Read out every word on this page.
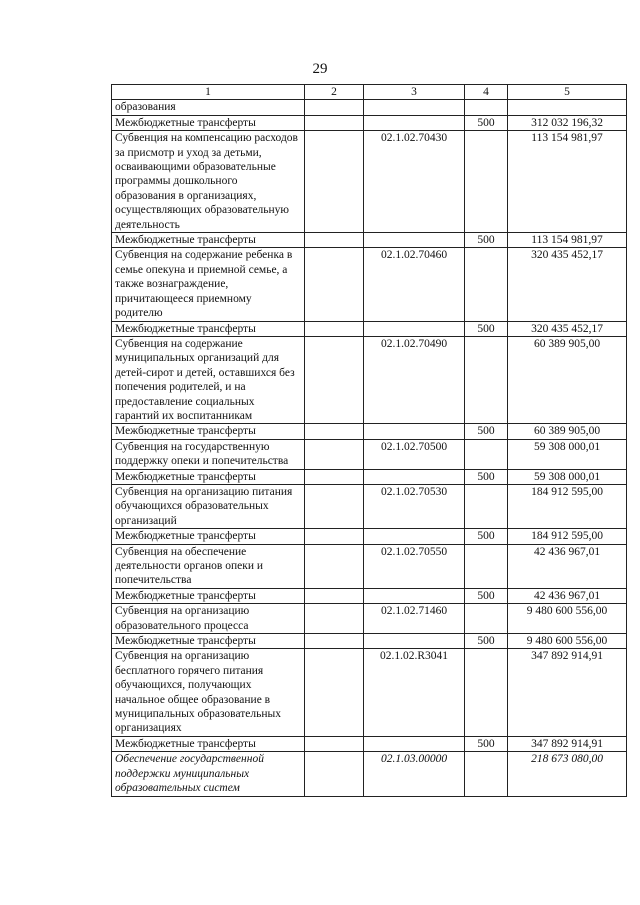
29
1	2	3	4	5
образования				
Межбюджетные трансферты			500	312 032 196,32
Субвенция на компенсацию расходов за присмотр и уход за детьми, осваивающими образовательные программы дошкольного образования в организациях, осуществляющих образовательную деятельность		02.1.02.70430		113 154 981,97
Межбюджетные трансферты			500	113 154 981,97
Субвенция на содержание ребенка в семье опекуна и приемной семье, а также вознаграждение, причитающееся приемному родителю		02.1.02.70460		320 435 452,17
Межбюджетные трансферты			500	320 435 452,17
Субвенция на содержание муниципальных организаций для детей-сирот и детей, оставшихся без попечения родителей, и на предоставление социальных гарантий их воспитанникам		02.1.02.70490		60 389 905,00
Межбюджетные трансферты			500	60 389 905,00
Субвенция на государственную поддержку опеки и попечительства		02.1.02.70500		59 308 000,01
Межбюджетные трансферты			500	59 308 000,01
Субвенция на организацию питания обучающихся образовательных организаций		02.1.02.70530		184 912 595,00
Межбюджетные трансферты			500	184 912 595,00
Субвенция на обеспечение деятельности органов опеки и попечительства		02.1.02.70550		42 436 967,01
Межбюджетные трансферты			500	42 436 967,01
Субвенция на организацию образовательного процесса		02.1.02.71460		9 480 600 556,00
Межбюджетные трансферты			500	9 480 600 556,00
Субвенция на организацию бесплатного горячего питания обучающихся, получающих начальное общее образование в муниципальных образовательных организациях		02.1.02.R3041		347 892 914,91
Межбюджетные трансферты			500	347 892 914,91
Обеспечение государственной поддержки муниципальных образовательных систем		02.1.03.00000		218 673 080,00
